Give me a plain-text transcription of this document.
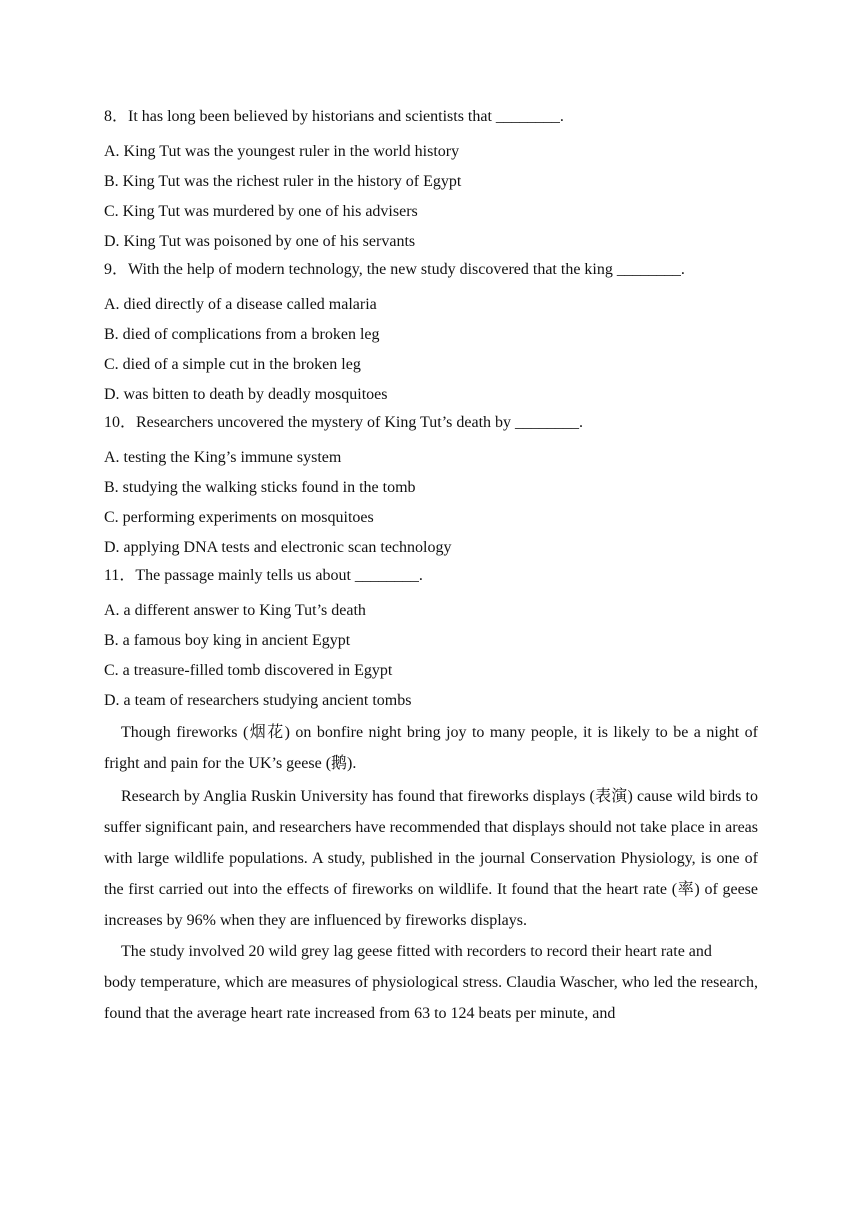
8．It has long been believed by historians and scientists that ________.
A. King Tut was the youngest ruler in the world history
B. King Tut was the richest ruler in the history of Egypt
C. King Tut was murdered by one of his advisers
D. King Tut was poisoned by one of his servants
9．With the help of modern technology, the new study discovered that the king ________.
A. died directly of a disease called malaria
B. died of complications from a broken leg
C. died of a simple cut in the broken leg
D. was bitten to death by deadly mosquitoes
10．Researchers uncovered the mystery of King Tut’s death by ________.
A. testing the King’s immune system
B. studying the walking sticks found in the tomb
C. performing experiments on mosquitoes
D. applying DNA tests and electronic scan technology
11．The passage mainly tells us about ________.
A. a different answer to King Tut’s death
B. a famous boy king in ancient Egypt
C. a treasure-filled tomb discovered in Egypt
D. a team of researchers studying ancient tombs

Though fireworks (烟花) on bonfire night bring joy to many people, it is likely to be a night of fright and pain for the UK’s geese (鹅).

Research by Anglia Ruskin University has found that fireworks displays (表演) cause wild birds to suffer significant pain, and researchers have recommended that displays should not take place in areas with large wildlife populations. A study, published in the journal Conservation Physiology, is one of the first carried out into the effects of fireworks on wildlife. It found that the heart rate (率) of geese increases by 96% when they are influenced by fireworks displays.

The study involved 20 wild grey lag geese fitted with recorders to record their heart rate and

body temperature, which are measures of physiological stress. Claudia Wascher, who led the research, found that the average heart rate increased from 63 to 124 beats per minute, and
